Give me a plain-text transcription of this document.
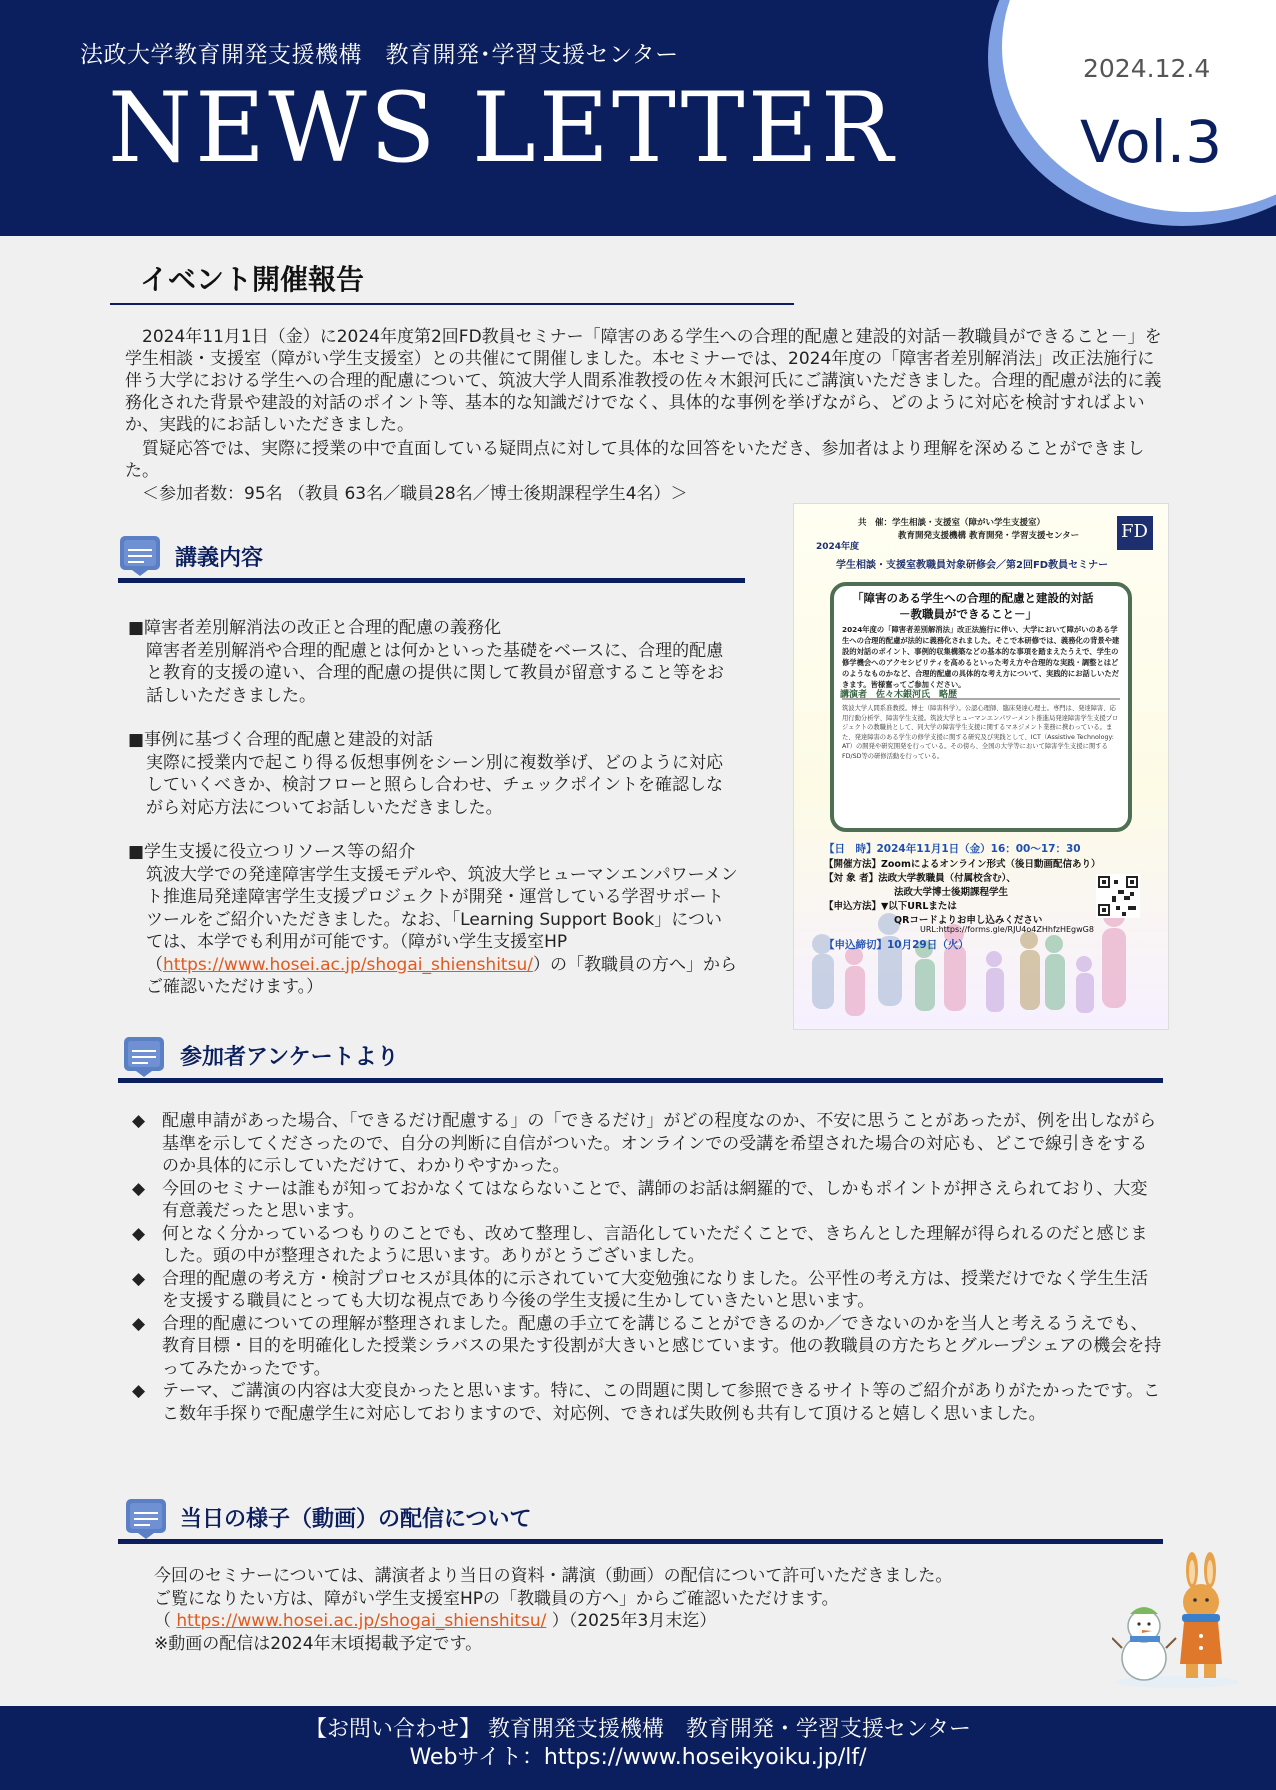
法政大学教育開発支援機構　教育開発･学習支援センター
NEWS LETTER
2024.12.4
Vol.3
イベント開催報告
　2024年11月1日（金）に2024年度第2回FD教員セミナー「障害のある学生への合理的配慮と建設的対話－教職員ができること－」を学生相談・支援室（障がい学生支援室）との共催にて開催しました。本セミナーでは、2024年度の「障害者差別解消法」改正法施行に伴う大学における学生への合理的配慮について、筑波大学人間系准教授の佐々木銀河氏にご講演いただきました。合理的配慮が法的に義務化された背景や建設的対話のポイント等、基本的な知識だけでなく、具体的な事例を挙げながら、どのように対応を検討すればよいか、実践的にお話しいただきました。
　質疑応答では、実際に授業の中で直面している疑問点に対して具体的な回答をいただき、参加者はより理解を深めることができました。
　＜参加者数：95名 （教員 63名／職員28名／博士後期課程学生4名）＞
講義内容
■障害者差別解消法の改正と合理的配慮の義務化
障害者差別解消や合理的配慮とは何かといった基礎をベースに、合理的配慮と教育的支援の違い、合理的配慮の提供に関して教員が留意すること等をお話しいただきました。
■事例に基づく合理的配慮と建設的対話
実際に授業内で起こり得る仮想事例をシーン別に複数挙げ、どのように対応していくべきか、検討フローと照らし合わせ、チェックポイントを確認しながら対応方法についてお話しいただきました。
■学生支援に役立つリソース等の紹介
筑波大学での発達障害学生支援モデルや、筑波大学ヒューマンエンパワーメント推進局発達障害学生支援プロジェクトが開発・運営している学習サポートツールをご紹介いただきました。なお、「Learning Support Book」については、本学でも利用が可能です。（障がい学生支援室HP（https://www.hosei.ac.jp/shogai_shienshitsu/）の「教職員の方へ」からご確認いただけます。）
共　催：学生相談・支援室（障がい学生支援室）
教育開発支援機構 教育開発・学習支援センター
2024年度
FD
学生相談・支援室教職員対象研修会／第2回FD教員セミナー
「障害のある学生への合理的配慮と建設的対話
－教職員ができること－」
2024年度の「障害者差別解消法」改正法施行に伴い、大学において障がいのある学生への合理的配慮が法的に義務化されました。そこで本研修では、義務化の背景や建設的対話のポイント、事例的収集構築などの基本的な事項を踏まえたうえで、学生の修学機会へのアクセシビリティを高めるといった考え方や合理的な実践・調整とはどのようなものかなど、合理的配慮の具体的な考え方について、実践的にお話しいただきます。皆様奮ってご参加ください。
講演者　佐々木銀河氏　略歴
筑波大学人間系准教授。博士（障害科学）。公認心理師、臨床発達心理士。専門は、発達障害、応用行動分析学、障害学生支援。筑波大学ヒューマンエンパワーメント推進局発達障害学生支援プロジェクトの教職員として、同大学の障害学生支援に関するマネジメント業務に携わっている。また、発達障害のある学生の修学支援に関する研究及び実践として、ICT（Assistive Technology: AT）の開発や研究開発を行っている。その傍ら、全国の大学等において障害学生支援に関するFD/SD等の研修活動を行っている。
【日　時】2024年11月1日（金）16：00～17：30
【開催方法】Zoomによるオンライン形式（後日動画配信あり）
【対 象 者】法政大学教職員（付属校含む）、
法政大学博士後期課程学生
【申込方法】▼以下URLまたは
QRコードよりお申し込みください
URL:https://forms.gle/RJU4o4ZHhfzHEgwG8
【申込締切】10月29日（火）
参加者アンケートより
◆ 配慮申請があった場合、「できるだけ配慮する」の「できるだけ」がどの程度なのか、不安に思うことがあったが、例を出しながら基準を示してくださったので、自分の判断に自信がついた。オンラインでの受講を希望された場合の対応も、どこで線引きをするのか具体的に示していただけて、わかりやすかった。
◆ 今回のセミナーは誰もが知っておかなくてはならないことで、講師のお話は網羅的で、しかもポイントが押さえられており、大変有意義だったと思います。
◆ 何となく分かっているつもりのことでも、改めて整理し、言語化していただくことで、きちんとした理解が得られるのだと感じました。頭の中が整理されたように思います。ありがとうございました。
◆ 合理的配慮の考え方・検討プロセスが具体的に示されていて大変勉強になりました。公平性の考え方は、授業だけでなく学生生活を支援する職員にとっても大切な視点であり今後の学生支援に生かしていきたいと思います。
◆ 合理的配慮についての理解が整理されました。配慮の手立てを講じることができるのか／できないのかを当人と考えるうえでも、教育目標・目的を明確化した授業シラバスの果たす役割が大きいと感じています。他の教職員の方たちとグループシェアの機会を持ってみたかったです。
◆ テーマ、ご講演の内容は大変良かったと思います。特に、この問題に関して参照できるサイト等のご紹介がありがたかったです。ここ数年手探りで配慮学生に対応しておりますので、対応例、できれば失敗例も共有して頂けると嬉しく思いました。
当日の様子（動画）の配信について
今回のセミナーについては、講演者より当日の資料・講演（動画）の配信について許可いただきました。
ご覧になりたい方は、障がい学生支援室HPの「教職員の方へ」からご確認いただけます。
（ https://www.hosei.ac.jp/shogai_shienshitsu/ ）（2025年3月末迄）
※動画の配信は2024年末頃掲載予定です。
【お問い合わせ】 教育開発支援機構　教育開発・学習支援センター
Webサイト：https://www.hoseikyoiku.jp/lf/
